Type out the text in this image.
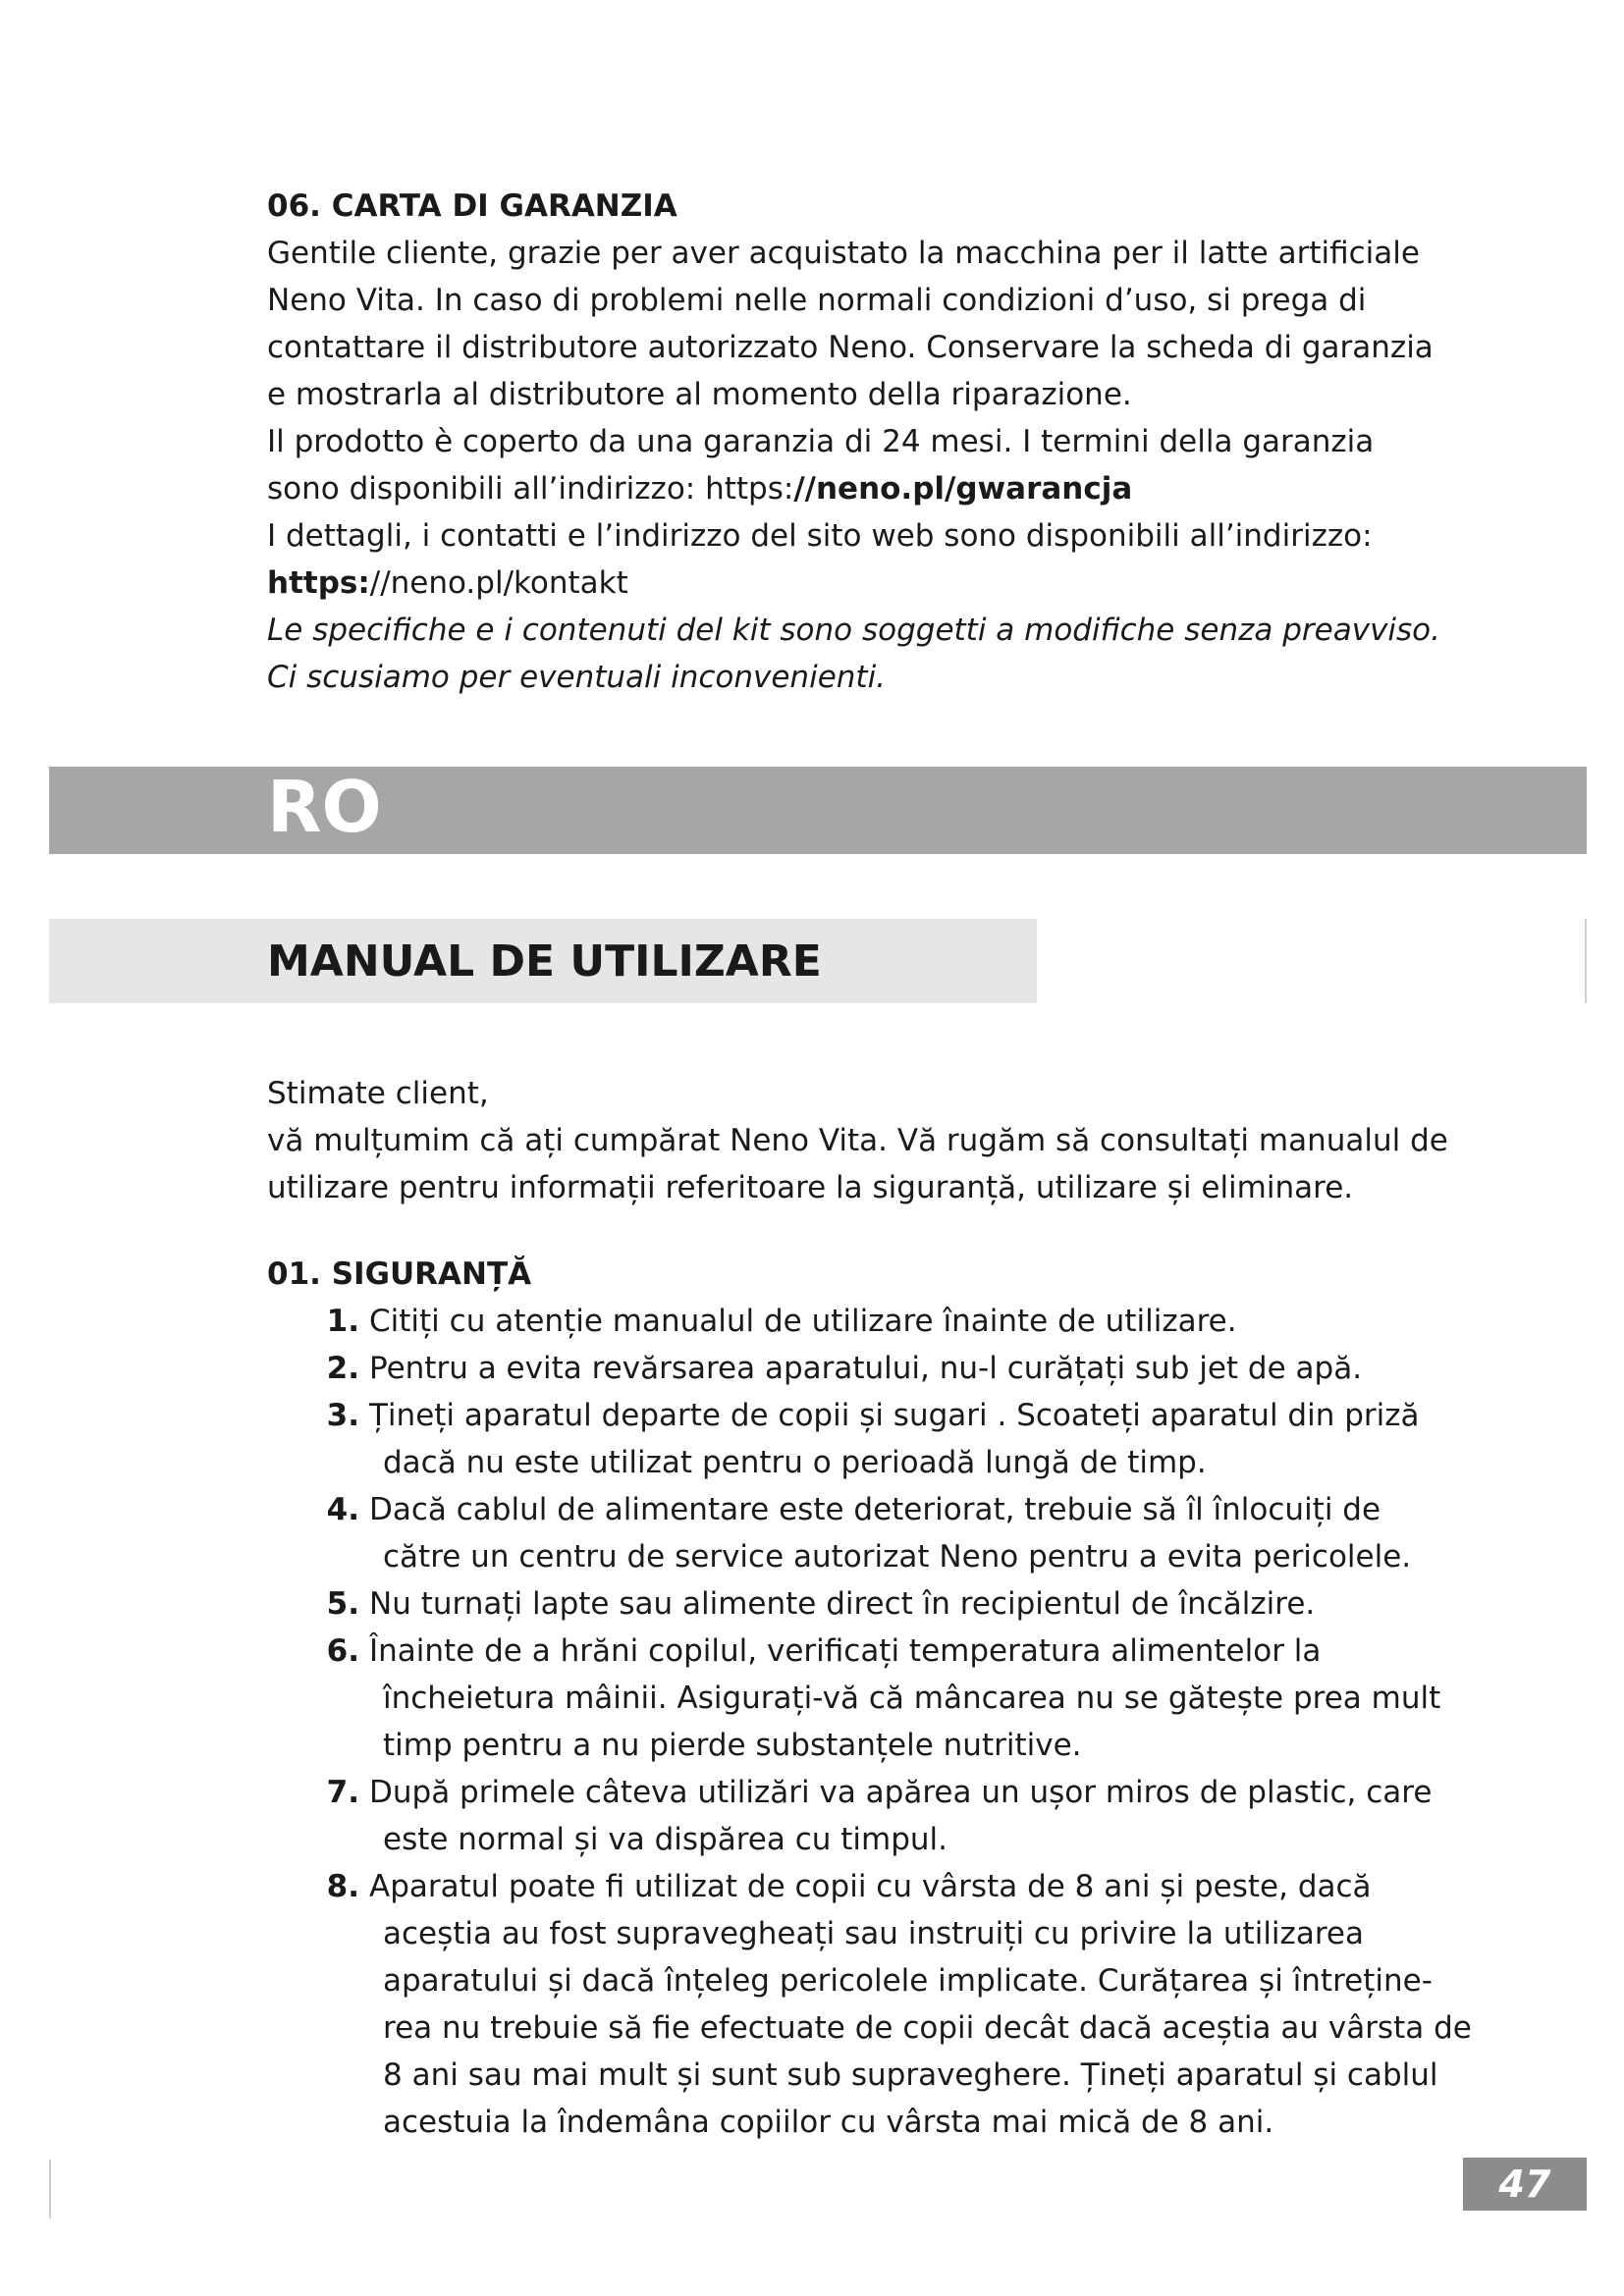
06. CARTA DI GARANZIA
Gentile cliente, grazie per aver acquistato la macchina per il latte artificiale
Neno Vita. In caso di problemi nelle normali condizioni d’uso, si prega di
contattare il distributore autorizzato Neno. Conservare la scheda di garanzia
e mostrarla al distributore al momento della riparazione.
Il prodotto è coperto da una garanzia di 24 mesi. I termini della garanzia
sono disponibili all’indirizzo: https://neno.pl/gwarancja
I dettagli, i contatti e l’indirizzo del sito web sono disponibili all’indirizzo:
https://neno.pl/kontakt
Le specifiche e i contenuti del kit sono soggetti a modifiche senza preavviso.
Ci scusiamo per eventuali inconvenienti.
RO
MANUAL DE UTILIZARE
Stimate client,
vă mulțumim că ați cumpărat Neno Vita. Vă rugăm să consultați manualul de
utilizare pentru informații referitoare la siguranță, utilizare și eliminare.
01. SIGURANȚĂ
1. Citiți cu atenție manualul de utilizare înainte de utilizare.
2. Pentru a evita revărsarea aparatului, nu-l curățați sub jet de apă.
3. Țineți aparatul departe de copii și sugari . Scoateți aparatul din priză
dacă nu este utilizat pentru o perioadă lungă de timp.
4. Dacă cablul de alimentare este deteriorat, trebuie să îl înlocuiți de
către un centru de service autorizat Neno pentru a evita pericolele.
5. Nu turnați lapte sau alimente direct în recipientul de încălzire.
6. Înainte de a hrăni copilul, verificați temperatura alimentelor la
încheietura mâinii. Asigurați-vă că mâncarea nu se gătește prea mult
timp pentru a nu pierde substanțele nutritive.
7. După primele câteva utilizări va apărea un ușor miros de plastic, care
este normal și va dispărea cu timpul.
8. Aparatul poate fi utilizat de copii cu vârsta de 8 ani și peste, dacă
aceștia au fost supravegheați sau instruiți cu privire la utilizarea
aparatului și dacă înțeleg pericolele implicate. Curățarea și întreține-
rea nu trebuie să fie efectuate de copii decât dacă aceștia au vârsta de
8 ani sau mai mult și sunt sub supraveghere. Țineți aparatul și cablul
acestuia la îndemâna copiilor cu vârsta mai mică de 8 ani.
47
